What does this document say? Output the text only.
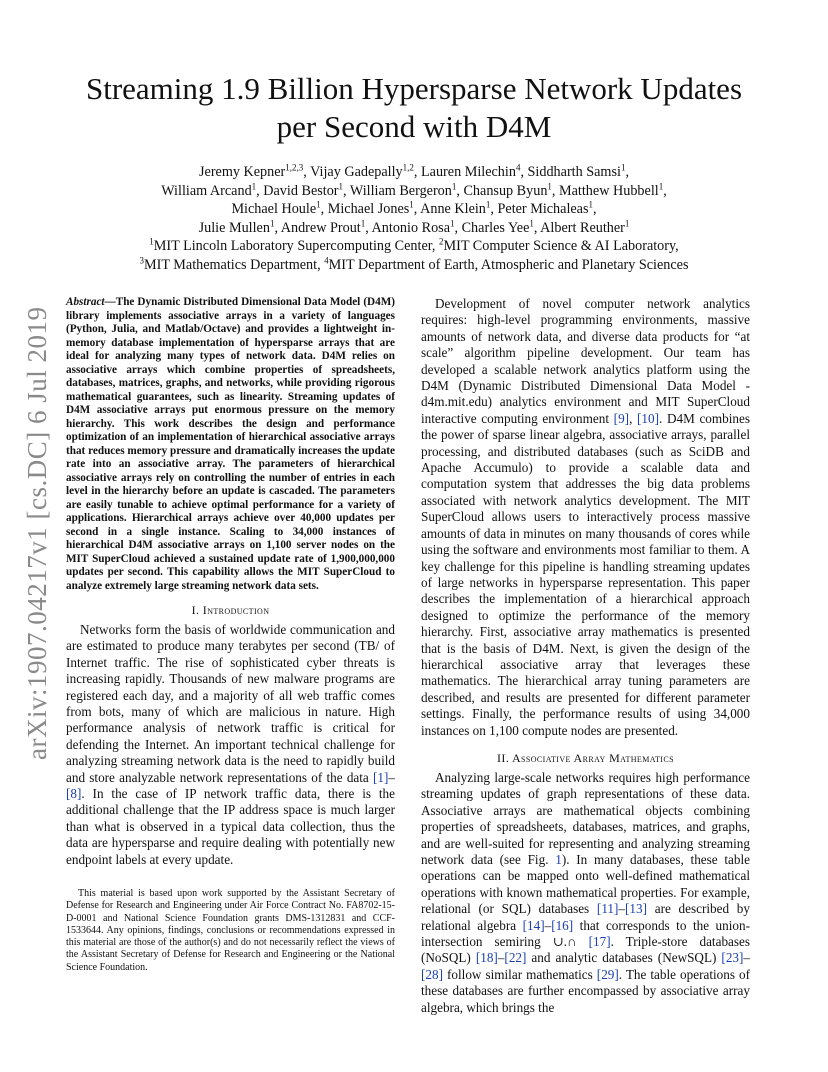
arXiv:1907.04217v1 [cs.DC] 6 Jul 2019
Streaming 1.9 Billion Hypersparse Network Updates per Second with D4M
Jeremy Kepner$^{1,2,3}$, Vijay Gadepally$^{1,2}$, Lauren Milechin$^4$, Siddharth Samsi$^1$,
William Arcand$^1$, David Bestor$^1$, William Bergeron$^1$, Chansup Byun$^1$, Matthew Hubbell$^1$,
Michael Houle$^1$, Michael Jones$^1$, Anne Klein$^1$, Peter Michaleas$^1$,
Julie Mullen$^1$, Andrew Prout$^1$, Antonio Rosa$^1$, Charles Yee$^1$, Albert Reuther$^1$
$^1$MIT Lincoln Laboratory Supercomputing Center, $^2$MIT Computer Science & AI Laboratory,
$^3$MIT Mathematics Department, $^4$MIT Department of Earth, Atmospheric and Planetary Sciences

Abstract—The Dynamic Distributed Dimensional Data Model (D4M) library implements associative arrays in a variety of languages (Python, Julia, and Matlab/Octave) and provides a lightweight in-memory database implementation of hypersparse arrays that are ideal for analyzing many types of network data. D4M relies on associative arrays which combine properties of spreadsheets, databases, matrices, graphs, and networks, while providing rigorous mathematical guarantees, such as linearity. Streaming updates of D4M associative arrays put enormous pressure on the memory hierarchy. This work describes the design and performance optimization of an implementation of hierarchical associative arrays that reduces memory pressure and dramatically increases the update rate into an associative array. The parameters of hierarchical associative arrays rely on controlling the number of entries in each level in the hierarchy before an update is cascaded. The parameters are easily tunable to achieve optimal performance for a variety of applications. Hierarchical arrays achieve over 40,000 updates per second in a single instance. Scaling to 34,000 instances of hierarchical D4M associative arrays on 1,100 server nodes on the MIT SuperCloud achieved a sustained update rate of 1,900,000,000 updates per second. This capability allows the MIT SuperCloud to analyze extremely large streaming network data sets.

I. Introduction

Networks form the basis of worldwide communication and are estimated to produce many terabytes per second (TB/ of Internet traffic. The rise of sophisticated cyber threats is increasing rapidly. Thousands of new malware programs are registered each day, and a majority of all web traffic comes from bots, many of which are malicious in nature. High performance analysis of network traffic is critical for defending the Internet. An important technical challenge for analyzing streaming network data is the need to rapidly build and store analyzable network representations of the data [1]–[8]. In the case of IP network traffic data, there is the additional challenge that the IP address space is much larger than what is observed in a typical data collection, thus the data are hypersparse and require dealing with potentially new endpoint labels at every update.

This material is based upon work supported by the Assistant Secretary of Defense for Research and Engineering under Air Force Contract No. FA8702-15-D-0001 and National Science Foundation grants DMS-1312831 and CCF-1533644. Any opinions, findings, conclusions or recommendations expressed in this material are those of the author(s) and do not necessarily reflect the views of the Assistant Secretary of Defense for Research and Engineering or the National Science Foundation.

Development of novel computer network analytics requires: high-level programming environments, massive amounts of network data, and diverse data products for “at scale” algorithm pipeline development. Our team has developed a scalable network analytics platform using the D4M (Dynamic Distributed Dimensional Data Model - d4m.mit.edu) analytics environment and MIT SuperCloud interactive computing environment [9], [10]. D4M combines the power of sparse linear algebra, associative arrays, parallel processing, and distributed databases (such as SciDB and Apache Accumulo) to provide a scalable data and computation system that addresses the big data problems associated with network analytics development. The MIT SuperCloud allows users to interactively process massive amounts of data in minutes on many thousands of cores while using the software and environments most familiar to them. A key challenge for this pipeline is handling streaming updates of large networks in hypersparse representation. This paper describes the implementation of a hierarchical approach designed to optimize the performance of the memory hierarchy. First, associative array mathematics is presented that is the basis of D4M. Next, is given the design of the hierarchical associative array that leverages these mathematics. The hierarchical array tuning parameters are described, and results are presented for different parameter settings. Finally, the performance results of using 34,000 instances on 1,100 compute nodes are presented.

II. Associative Array Mathematics

Analyzing large-scale networks requires high performance streaming updates of graph representations of these data. Associative arrays are mathematical objects combining properties of spreadsheets, databases, matrices, and graphs, and are well-suited for representing and analyzing streaming network data (see Fig. 1). In many databases, these table operations can be mapped onto well-defined mathematical operations with known mathematical properties. For example, relational (or SQL) databases [11]–[13] are described by relational algebra [14]–[16] that corresponds to the union-intersection semiring ∪.∩ [17]. Triple-store databases (NoSQL) [18]–[22] and analytic databases (NewSQL) [23]–[28] follow similar mathematics [29]. The table operations of these databases are further encompassed by associative array algebra, which brings the
